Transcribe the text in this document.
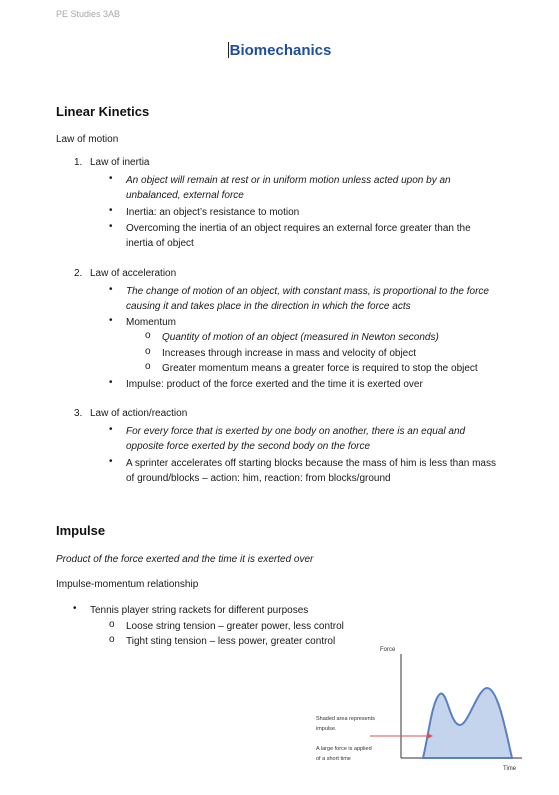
PE Studies 3AB
Biomechanics
Linear Kinetics
Law of motion
1. Law of inertia
• An object will remain at rest or in uniform motion unless acted upon by an
unbalanced, external force
• Inertia: an object’s resistance to motion
• Overcoming the inertia of an object requires an external force greater than the
inertia of object
2. Law of acceleration
• The change of motion of an object, with constant mass, is proportional to the force
causing it and takes place in the direction in which the force acts
• Momentum
o Quantity of motion of an object (measured in Newton seconds)
o Increases through increase in mass and velocity of object
o Greater momentum means a greater force is required to stop the object
• Impulse: product of the force exerted and the time it is exerted over
3. Law of action/reaction
• For every force that is exerted by one body on another, there is an equal and
opposite force exerted by the second body on the force
• A sprinter accelerates off starting blocks because the mass of him is less than mass
of ground/blocks – action: him, reaction: from blocks/ground
Impulse
Product of the force exerted and the time it is exerted over
Impulse-momentum relationship
• Tennis player string rackets for different purposes
o Loose string tension – greater power, less control
o Tight sting tension – less power, greater control
Force
Shaded area represents
impulse.
A large force is applied
of a short time
Time
